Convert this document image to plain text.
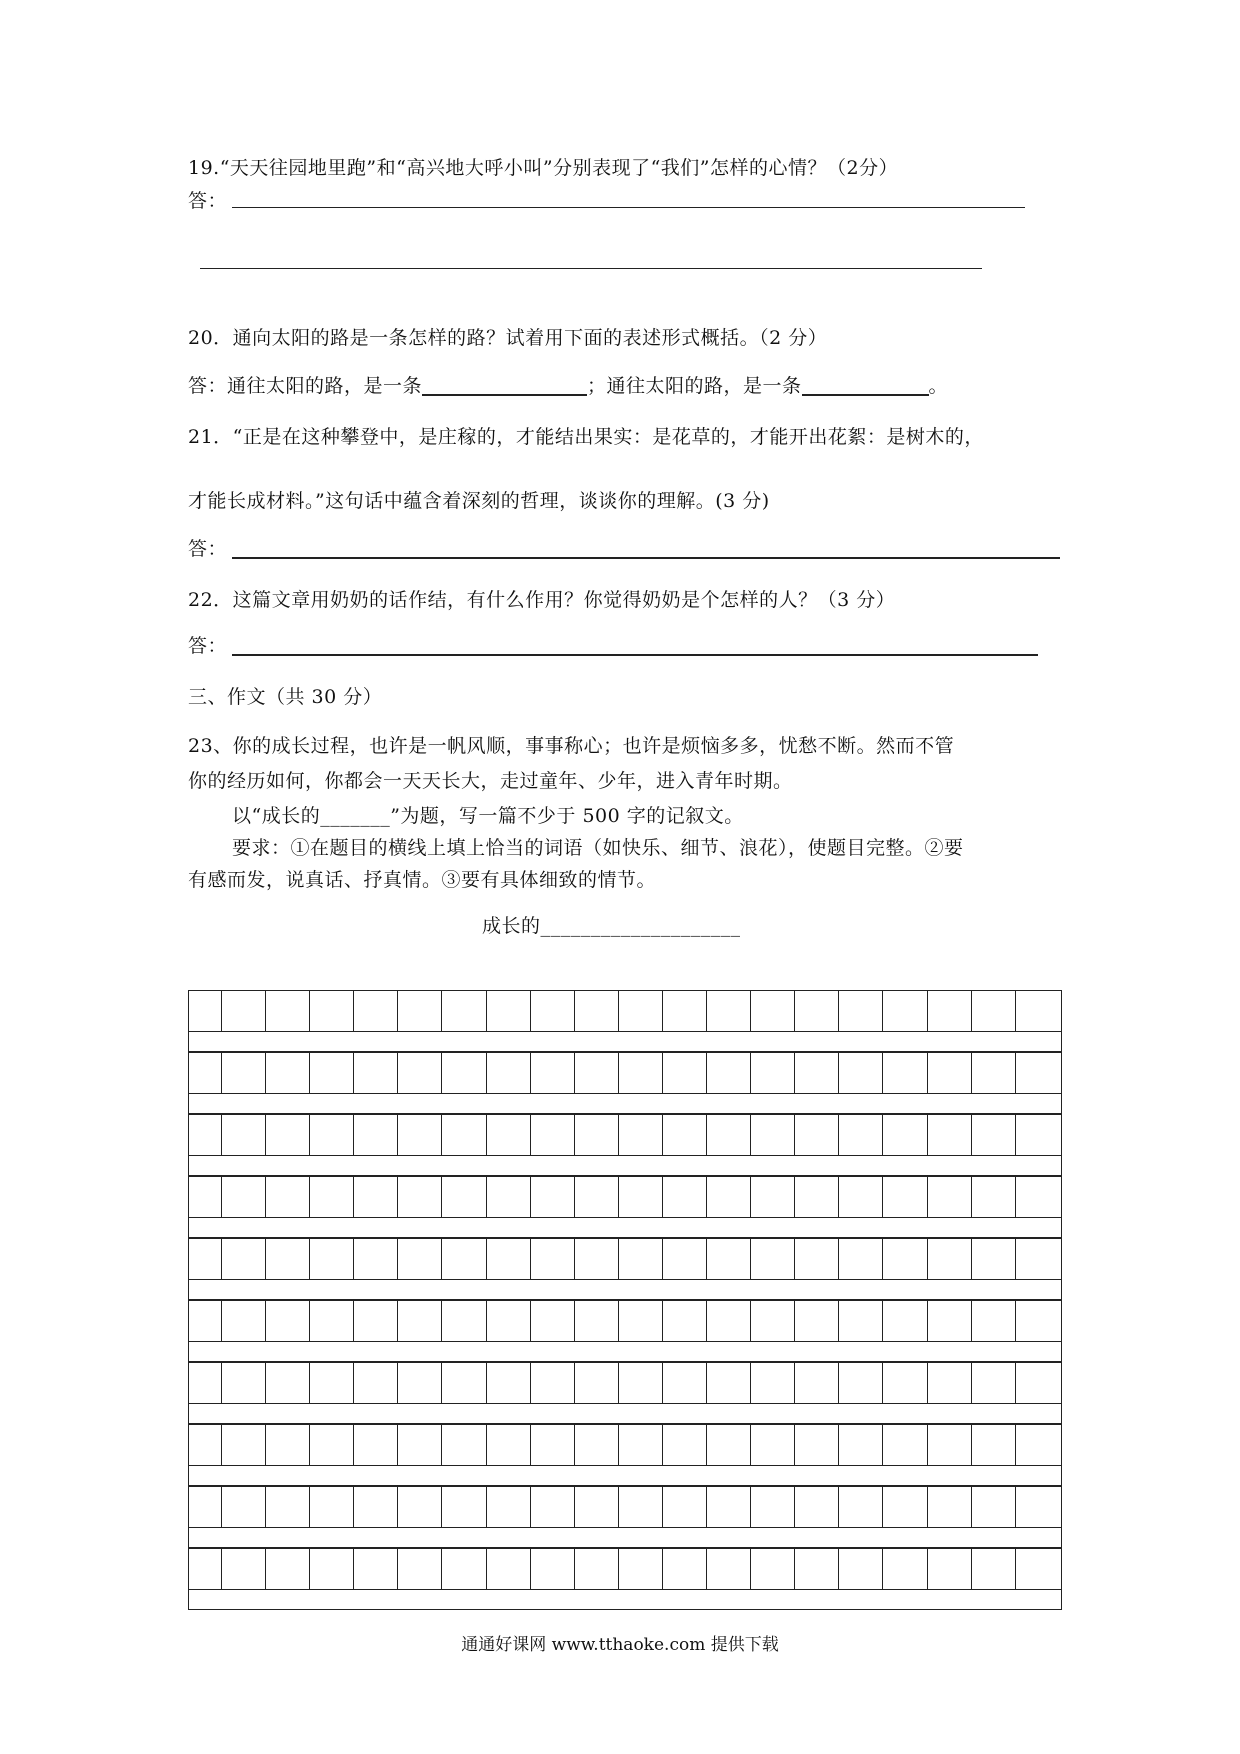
19.“天天往园地里跑”和“高兴地大呼小叫”分别表现了“我们”怎样的心情？（2分）
答：
20．通向太阳的路是一条怎样的路？试着用下面的表述形式概括。（2 分）
答：通往太阳的路，是一条	；通往太阳的路，是一条	。
21．“正是在这种攀登中，是庄稼的，才能结出果实：是花草的，才能开出花絮：是树木的，
才能长成材料。”这句话中蕴含着深刻的哲理，谈谈你的理解。(3 分)
答：
22．这篇文章用奶奶的话作结，有什么作用？你觉得奶奶是个怎样的人？（3 分）
答：
三、作文（共 30 分）
23、你的成长过程，也许是一帆风顺，事事称心；也许是烦恼多多，忧愁不断。然而不管
你的经历如何，你都会一天天长大，走过童年、少年，进入青年时期。
以“成长的_______”为题，写一篇不少于 500 字的记叙文。
要求：①在题目的横线上填上恰当的词语（如快乐、细节、浪花），使题目完整。②要
有感而发，说真话、抒真情。③要有具体细致的情节。
成长的____________________
通通好课网 www.tthaoke.com 提供下载
